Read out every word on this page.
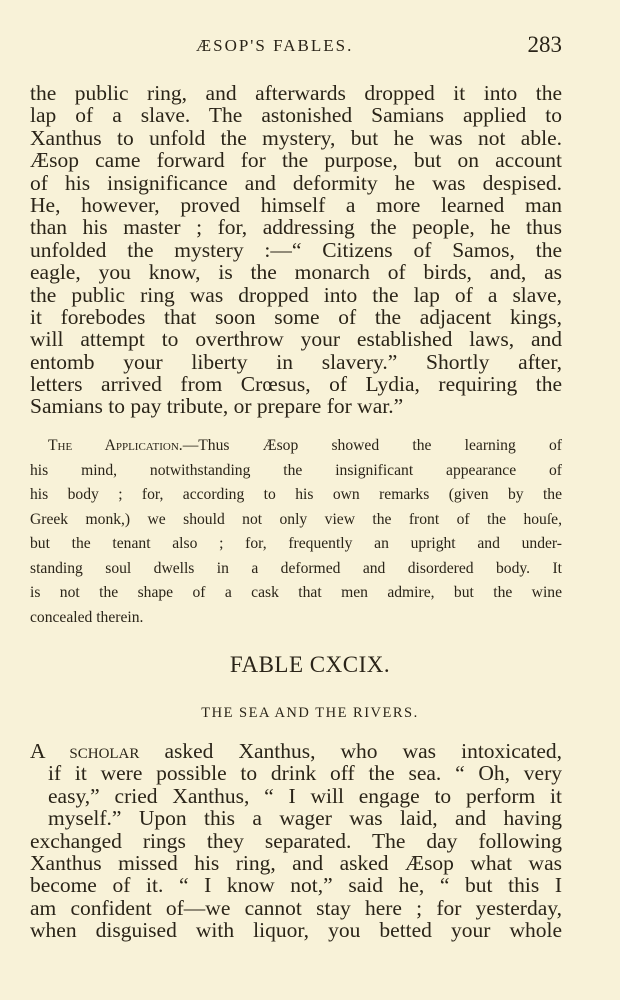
ÆSOP'S FABLES.	283
the public ring, and afterwards dropped it into the
lap of a slave. The astonished Samians applied to
Xanthus to unfold the mystery, but he was not able.
Æsop came forward for the purpose, but on account
of his insignificance and deformity he was despised.
He, however, proved himself a more learned man
than his master ; for, addressing the people, he thus
unfolded the mystery :—“ Citizens of Samos, the
eagle, you know, is the monarch of birds, and, as
the public ring was dropped into the lap of a slave,
it forebodes that soon some of the adjacent kings,
will attempt to overthrow your established laws, and
entomb your liberty in slavery.” Shortly after,
letters arrived from Crœsus, of Lydia, requiring the
Samians to pay tribute, or prepare for war.”
The Application.—Thus Æsop showed the learning of
his mind, notwithstanding the insignificant appearance of
his body ; for, according to his own remarks (given by the
Greek monk,) we should not only view the front of the houſe,
but the tenant also ; for, frequently an upright and under-
standing soul dwells in a deformed and disordered body. It
is not the shape of a cask that men admire, but the wine
concealed therein.
FABLE CXCIX.
THE SEA AND THE RIVERS.
A scholar asked Xanthus, who was intoxicated,
if it were possible to drink off the sea. “ Oh, very
easy,” cried Xanthus, “ I will engage to perform it
myself.” Upon this a wager was laid, and having
exchanged rings they separated. The day following
Xanthus missed his ring, and asked Æsop what was
become of it. “ I know not,” said he, “ but this I
am confident of—we cannot stay here ; for yesterday,
when disguised with liquor, you betted your whole
